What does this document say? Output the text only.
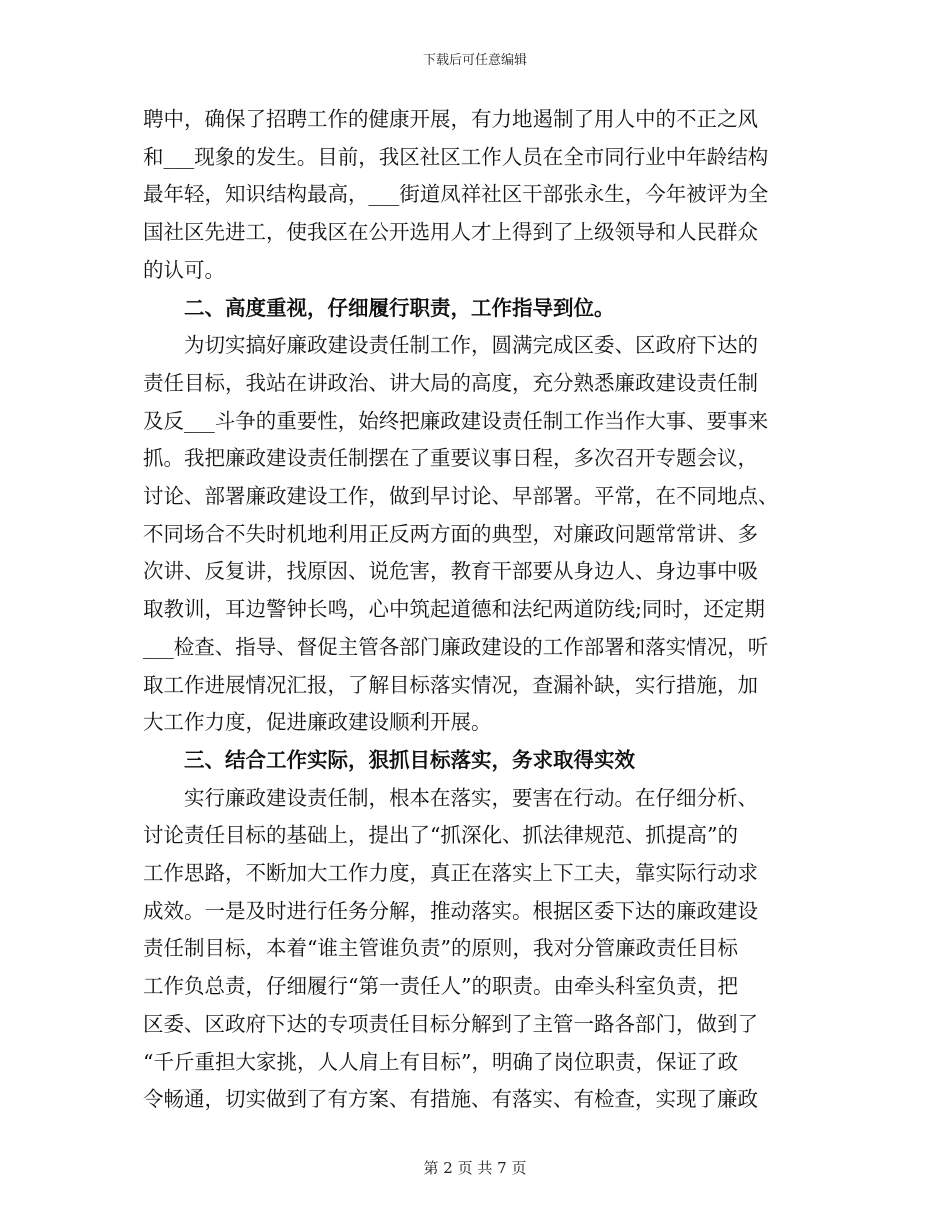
下载后可任意编辑
聘中，确保了招聘工作的健康开展，有力地遏制了用人中的不正之风
和___现象的发生。目前，我区社区工作人员在全市同行业中年龄结构
最年轻，知识结构最高，___街道凤祥社区干部张永生，今年被评为全
国社区先进工，使我区在公开选用人才上得到了上级领导和人民群众
的认可。
二、高度重视，仔细履行职责，工作指导到位。
为切实搞好廉政建设责任制工作，圆满完成区委、区政府下达的
责任目标，我站在讲政治、讲大局的高度，充分熟悉廉政建设责任制
及反___斗争的重要性，始终把廉政建设责任制工作当作大事、要事来
抓。我把廉政建设责任制摆在了重要议事日程，多次召开专题会议，
讨论、部署廉政建设工作，做到早讨论、早部署。平常，在不同地点、
不同场合不失时机地利用正反两方面的典型，对廉政问题常常讲、多
次讲、反复讲，找原因、说危害，教育干部要从身边人、身边事中吸
取教训，耳边警钟长鸣，心中筑起道德和法纪两道防线;同时，还定期
___检查、指导、督促主管各部门廉政建设的工作部署和落实情况，听
取工作进展情况汇报，了解目标落实情况，查漏补缺，实行措施，加
大工作力度，促进廉政建设顺利开展。
三、结合工作实际，狠抓目标落实，务求取得实效
实行廉政建设责任制，根本在落实，要害在行动。在仔细分析、
讨论责任目标的基础上，提出了“抓深化、抓法律规范、抓提高”的
工作思路，不断加大工作力度，真正在落实上下工夫，靠实际行动求
成效。一是及时进行任务分解，推动落实。根据区委下达的廉政建设
责任制目标，本着“谁主管谁负责”的原则，我对分管廉政责任目标
工作负总责，仔细履行“第一责任人”的职责。由牵头科室负责，把
区委、区政府下达的专项责任目标分解到了主管一路各部门，做到了
“千斤重担大家挑，人人肩上有目标”，明确了岗位职责，保证了政
令畅通，切实做到了有方案、有措施、有落实、有检查，实现了廉政
第 2 页 共 7 页
